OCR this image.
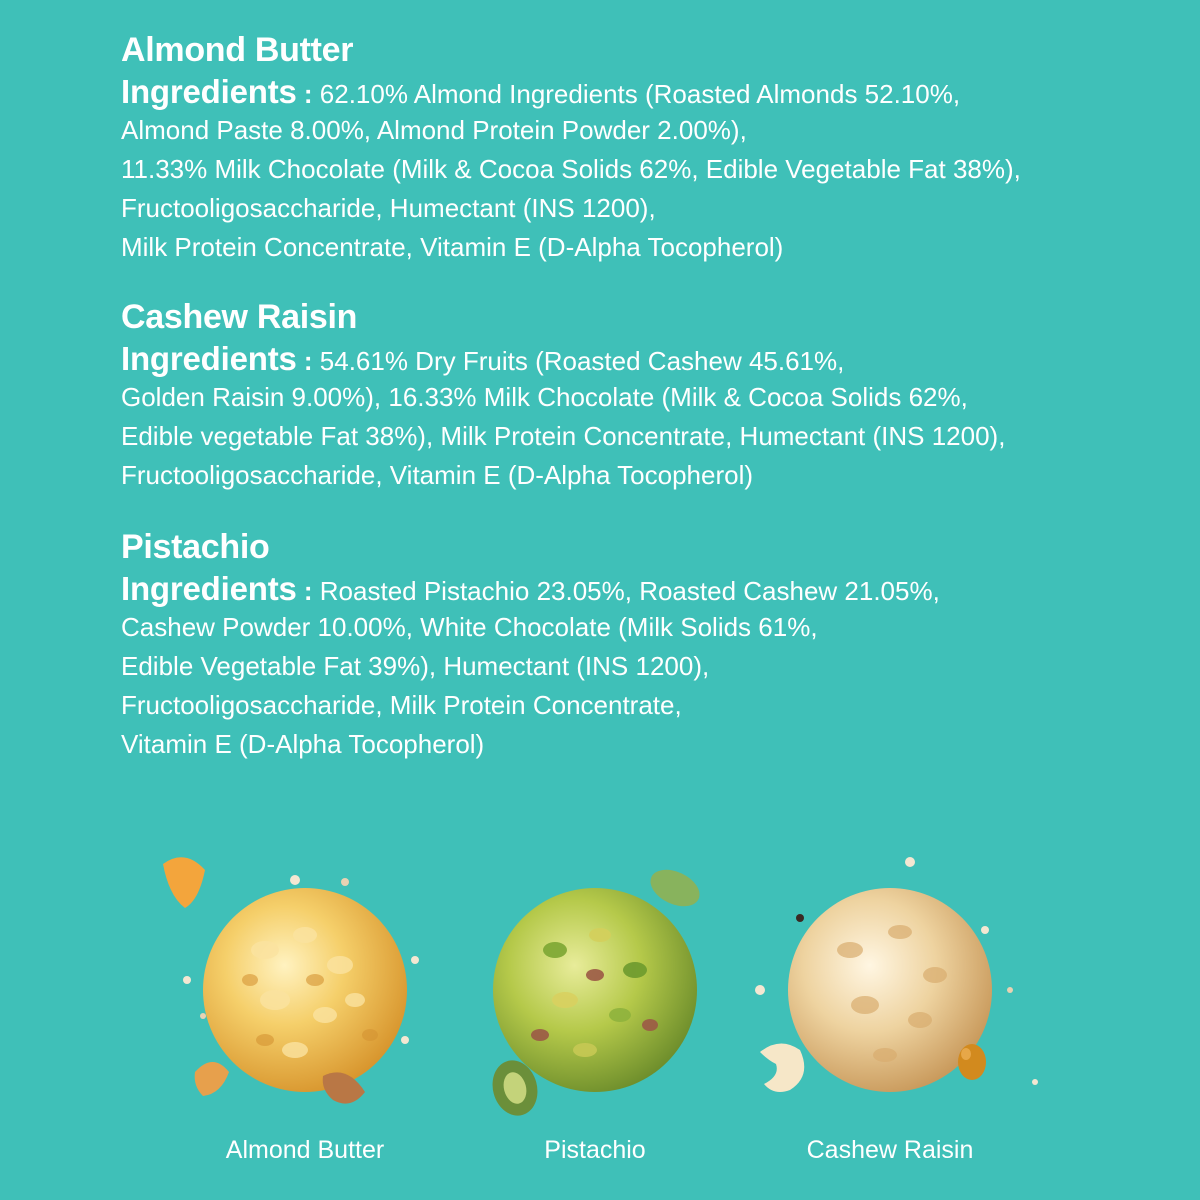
Almond Butter

Ingredients : 62.10% Almond Ingredients (Roasted Almonds 52.10%,
Almond Paste 8.00%, Almond Protein Powder 2.00%),
11.33% Milk Chocolate (Milk & Cocoa Solids 62%, Edible Vegetable Fat 38%),
Fructooligosaccharide, Humectant (INS 1200),
Milk Protein Concentrate, Vitamin E (D-Alpha Tocopherol)

Cashew Raisin

Ingredients : 54.61% Dry Fruits (Roasted Cashew 45.61%,
Golden Raisin 9.00%), 16.33% Milk Chocolate (Milk & Cocoa Solids 62%,
Edible vegetable Fat 38%), Milk Protein Concentrate, Humectant (INS 1200),
Fructooligosaccharide, Vitamin E (D-Alpha Tocopherol)

Pistachio

Ingredients : Roasted Pistachio 23.05%, Roasted Cashew 21.05%,
Cashew Powder 10.00%, White Chocolate (Milk Solids 61%,
Edible Vegetable Fat 39%), Humectant (INS 1200),
Fructooligosaccharide, Milk Protein Concentrate,
Vitamin E (D-Alpha Tocopherol)

Almond Butter	Pistachio	Cashew Raisin
